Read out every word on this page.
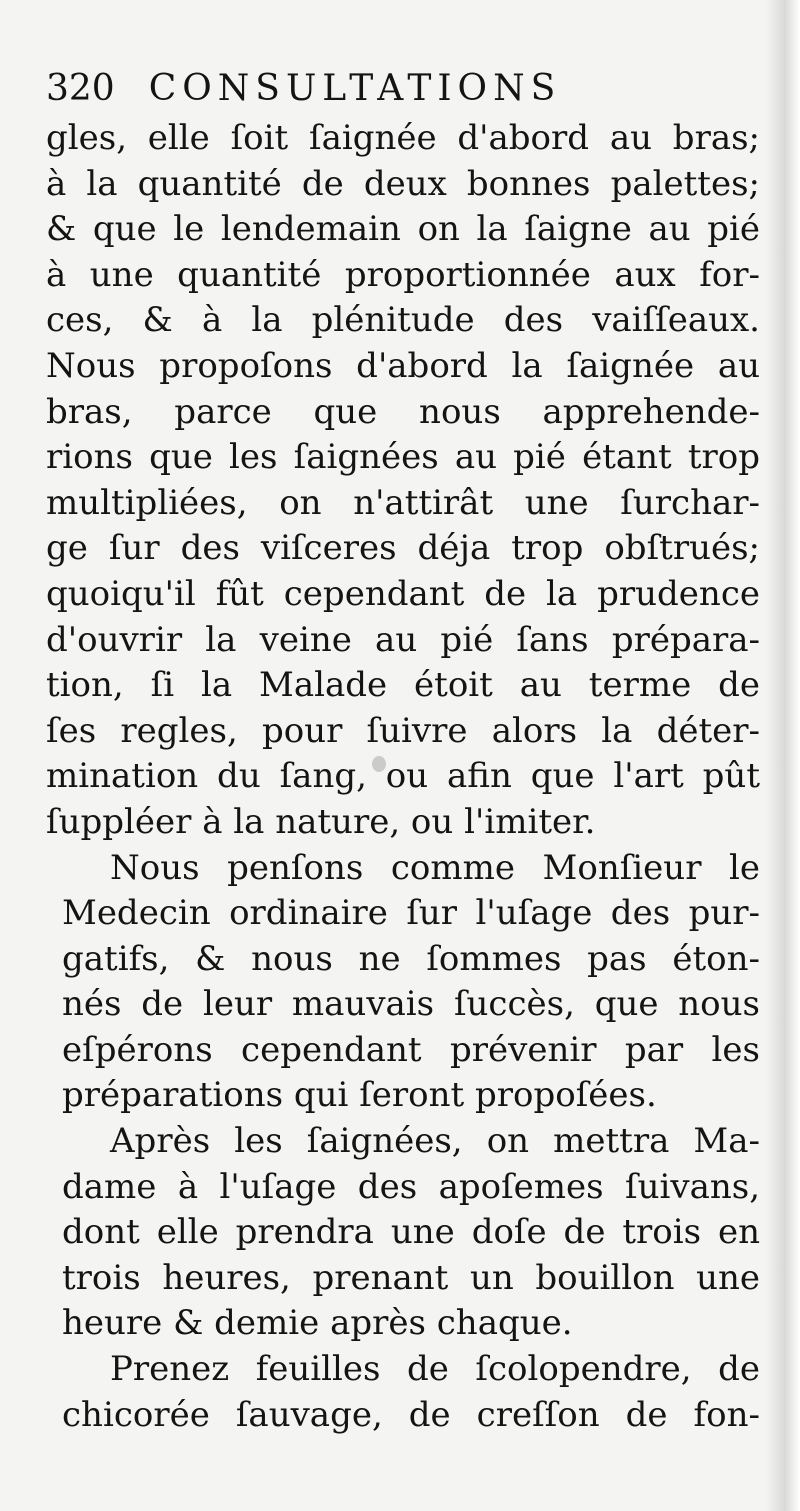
320 CONSULTATIONS
gles, elle ſoit ſaignée d'abord au bras;
à la quantité de deux bonnes palettes;
& que le lendemain on la ſaigne au pié
à une quantité proportionnée aux for-
ces, & à la plénitude des vaiſſeaux.
Nous propoſons d'abord la ſaignée au
bras, parce que nous apprehende-
rions que les ſaignées au pié étant trop
multipliées, on n'attirât une ſurchar-
ge ſur des viſceres déja trop obſtrués;
quoiqu'il fût cependant de la prudence
d'ouvrir la veine au pié ſans prépara-
tion, ſi la Malade étoit au terme de
ſes regles, pour ſuivre alors la déter-
mination du ſang, ou afin que l'art pût
ſuppléer à la nature, ou l'imiter.
Nous penſons comme Monſieur le
Medecin ordinaire ſur l'uſage des pur-
gatifs, & nous ne ſommes pas éton-
nés de leur mauvais ſuccès, que nous
eſpérons cependant prévenir par les
préparations qui ſeront propoſées.
Après les ſaignées, on mettra Ma-
dame à l'uſage des apoſemes ſuivans,
dont elle prendra une doſe de trois en
trois heures, prenant un bouillon une
heure & demie après chaque.
Prenez feuilles de ſcolopendre, de
chicorée ſauvage, de creſſon de fon-
